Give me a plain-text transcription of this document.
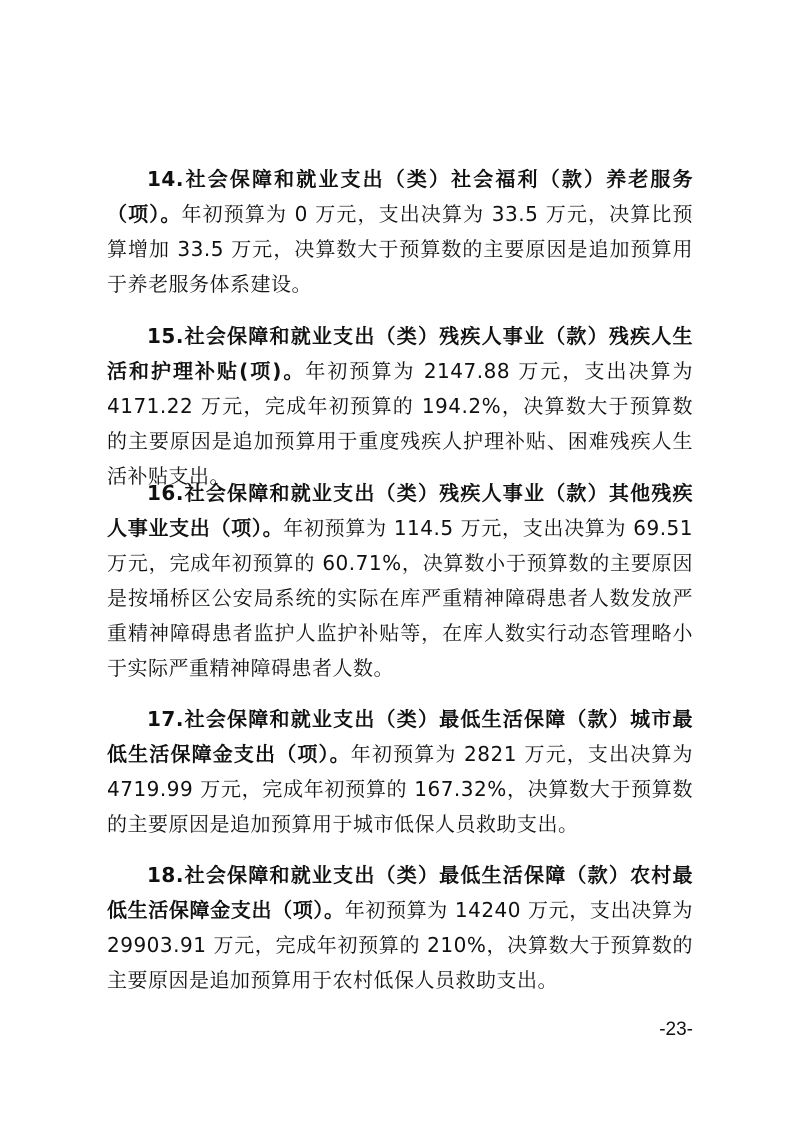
14.社会保障和就业支出（类）社会福利（款）养老服务（项）。年初预算为 0 万元，支出决算为 33.5 万元，决算比预算增加 33.5 万元，决算数大于预算数的主要原因是追加预算用于养老服务体系建设。

15.社会保障和就业支出（类）残疾人事业（款）残疾人生活和护理补贴(项)。年初预算为 2147.88 万元，支出决算为 4171.22 万元，完成年初预算的 194.2%，决算数大于预算数的主要原因是追加预算用于重度残疾人护理补贴、困难残疾人生活补贴支出。

16.社会保障和就业支出（类）残疾人事业（款）其他残疾人事业支出（项）。年初预算为 114.5 万元，支出决算为 69.51 万元，完成年初预算的 60.71%，决算数小于预算数的主要原因是按埇桥区公安局系统的实际在库严重精神障碍患者人数发放严重精神障碍患者监护人监护补贴等，在库人数实行动态管理略小于实际严重精神障碍患者人数。

17.社会保障和就业支出（类）最低生活保障（款）城市最低生活保障金支出（项）。年初预算为 2821 万元，支出决算为 4719.99 万元，完成年初预算的 167.32%，决算数大于预算数的主要原因是追加预算用于城市低保人员救助支出。

18.社会保障和就业支出（类）最低生活保障（款）农村最低生活保障金支出（项）。年初预算为 14240 万元，支出决算为 29903.91 万元，完成年初预算的 210%，决算数大于预算数的主要原因是追加预算用于农村低保人员救助支出。

-23-
